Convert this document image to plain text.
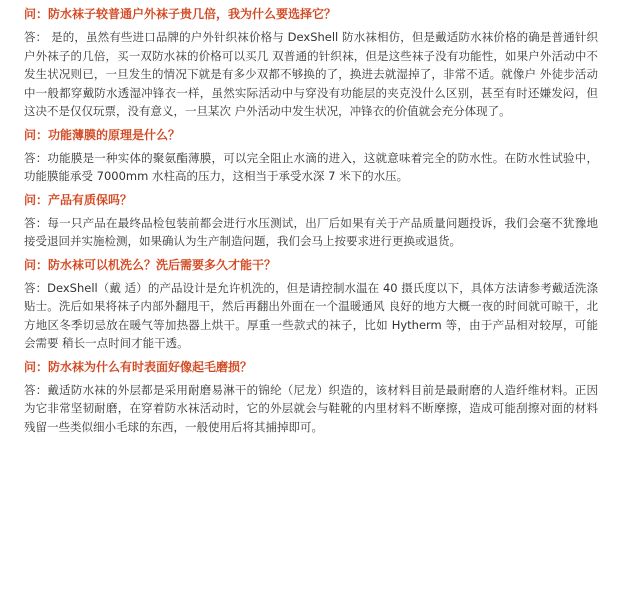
问：防水袜子较普通户外袜子贵几倍，我为什么要选择它？

答： 是的，虽然有些进口品牌的户外针织袜价格与 DexShell 防水袜相仿，但是戴适防水袜价格的确是普通针织户外袜子的几倍，买一双防水袜的价格可以买几 双普通的针织袜，但是这些袜子没有功能性，如果户外活动中不发生状况则已，一旦发生的情况下就是有多少双都不够换的了，换进去就湿掉了，非常不适。就像户 外徒步活动中一般都穿戴防水透湿冲锋衣一样，虽然实际活动中与穿没有功能层的夹克没什么区别，甚至有时还嫌发闷，但这决不是仅仅玩票，没有意义，一旦某次 户外活动中发生状况，冲锋衣的价值就会充分体现了。

问：功能薄膜的原理是什么？

答：功能膜是一种实体的聚氨酯薄膜，可以完全阻止水滴的进入，这就意味着完全的防水性。在防水性试验中，功能膜能承受 7000mm 水柱高的压力，这相当于承受水深 7 米下的水压。

问：产品有质保吗？

答：每一只产品在最终品检包装前都会进行水压测试，出厂后如果有关于产品质量问题投诉，我们会毫不犹豫地接受退回并实施检测，如果确认为生产制造问题，我们会马上按要求进行更换或退货。

问：防水袜可以机洗么？洗后需要多久才能干？

答：DexShell（戴 适）的产品设计是允许机洗的，但是请控制水温在 40 摄氏度以下，具体方法请参考戴适洗涤贴士。洗后如果将袜子内部外翻甩干，然后再翻出外面在一个温暖通风 良好的地方大概一夜的时间就可晾干，北方地区冬季切忌放在暖气等加热器上烘干。厚重一些款式的袜子，比如 Hytherm 等，由于产品相对较厚，可能会需要 稍长一点时间才能干透。

问：防水袜为什么有时表面好像起毛磨损？

答：戴适防水袜的外层都是采用耐磨易淋干的锦纶（尼龙）织造的，该材料目前是最耐磨的人造纤维材料。正因为它非常坚韧耐磨，在穿着防水袜活动时，它的外层就会与鞋靴的内里材料不断摩擦，造成可能刮擦对面的材料残留一些类似细小毛球的东西，一般使用后将其捕掉即可。
